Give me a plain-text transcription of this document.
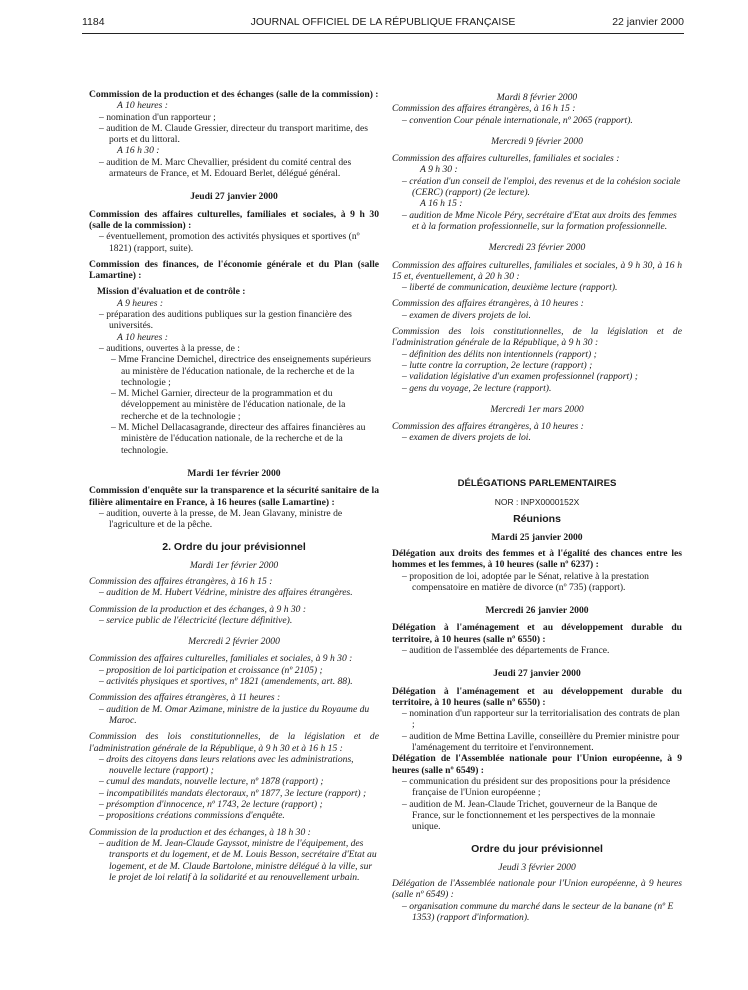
1184	JOURNAL OFFICIEL DE LA RÉPUBLIQUE FRANÇAISE	22 janvier 2000

Commission de la production et des échanges (salle de la commission) :

A 10 heures :

– nomination d'un rapporteur ;

– audition de M. Claude Gressier, directeur du transport maritime, des ports et du littoral.

A 16 h 30 :

– audition de M. Marc Chevallier, président du comité central des armateurs de France, et M. Edouard Berlet, délégué général.

Jeudi 27 janvier 2000

Commission des affaires culturelles, familiales et sociales, à 9 h 30 (salle de la commission) :

– éventuellement, promotion des activités physiques et sportives (nº 1821) (rapport, suite).

Commission des finances, de l'économie générale et du Plan (salle Lamartine) :

Mission d'évaluation et de contrôle :

A 9 heures :

– préparation des auditions publiques sur la gestion financière des universités.

A 10 heures :

– auditions, ouvertes à la presse, de :

– Mme Francine Demichel, directrice des enseignements supérieurs au ministère de l'éducation nationale, de la recherche et de la technologie ;

– M. Michel Garnier, directeur de la programmation et du développement au ministère de l'éducation nationale, de la recherche et de la technologie ;

– M. Michel Dellacasagrande, directeur des affaires financières au ministère de l'éducation nationale, de la recherche et de la technologie.

Mardi 1er février 2000

Commission d'enquête sur la transparence et la sécurité sanitaire de la filière alimentaire en France, à 16 heures (salle Lamartine) :

– audition, ouverte à la presse, de M. Jean Glavany, ministre de l'agriculture et de la pêche.

2. Ordre du jour prévisionnel

Mardi 1er février 2000

Commission des affaires étrangères, à 16 h 15 :

– audition de M. Hubert Védrine, ministre des affaires étrangères.

Commission de la production et des échanges, à 9 h 30 :

– service public de l'électricité (lecture définitive).

Mercredi 2 février 2000

Commission des affaires culturelles, familiales et sociales, à 9 h 30 :

– proposition de loi participation et croissance (nº 2105) ;

– activités physiques et sportives, nº 1821 (amendements, art. 88).

Commission des affaires étrangères, à 11 heures :

– audition de M. Omar Azimane, ministre de la justice du Royaume du Maroc.

Commission des lois constitutionnelles, de la législation et de l'administration générale de la République, à 9 h 30 et à 16 h 15 :

– droits des citoyens dans leurs relations avec les administrations, nouvelle lecture (rapport) ;

– cumul des mandats, nouvelle lecture, nº 1878 (rapport) ;

– incompatibilités mandats électoraux, nº 1877, 3e lecture (rapport) ;

– présomption d'innocence, nº 1743, 2e lecture (rapport) ;

– propositions créations commissions d'enquête.

Commission de la production et des échanges, à 18 h 30 :

– audition de M. Jean-Claude Gayssot, ministre de l'équipement, des transports et du logement, et de M. Louis Besson, secrétaire d'Etat au logement, et de M. Claude Bartolone, ministre délégué à la ville, sur le projet de loi relatif à la solidarité et au renouvellement urbain.

Mardi 8 février 2000

Commission des affaires étrangères, à 16 h 15 :

– convention Cour pénale internationale, nº 2065 (rapport).

Mercredi 9 février 2000

Commission des affaires culturelles, familiales et sociales :

A 9 h 30 :

– création d'un conseil de l'emploi, des revenus et de la cohésion sociale (CERC) (rapport) (2e lecture).

A 16 h 15 :

– audition de Mme Nicole Péry, secrétaire d'Etat aux droits des femmes et à la formation professionnelle, sur la formation professionnelle.

Mercredi 23 février 2000

Commission des affaires culturelles, familiales et sociales, à 9 h 30, à 16 h 15 et, éventuellement, à 20 h 30 :

– liberté de communication, deuxième lecture (rapport).

Commission des affaires étrangères, à 10 heures :

– examen de divers projets de loi.

Commission des lois constitutionnelles, de la législation et de l'administration générale de la République, à 9 h 30 :

– définition des délits non intentionnels (rapport) ;

– lutte contre la corruption, 2e lecture (rapport) ;

– validation législative d'un examen professionnel (rapport) ;

– gens du voyage, 2e lecture (rapport).

Mercredi 1er mars 2000

Commission des affaires étrangères, à 10 heures :

– examen de divers projets de loi.

DÉLÉGATIONS PARLEMENTAIRES

NOR : INPX0000152X

Réunions

Mardi 25 janvier 2000

Délégation aux droits des femmes et à l'égalité des chances entre les hommes et les femmes, à 10 heures (salle nº 6237) :

– proposition de loi, adoptée par le Sénat, relative à la prestation compensatoire en matière de divorce (nº 735) (rapport).

Mercredi 26 janvier 2000

Délégation à l'aménagement et au développement durable du territoire, à 10 heures (salle nº 6550) :

– audition de l'assemblée des départements de France.

Jeudi 27 janvier 2000

Délégation à l'aménagement et au développement durable du territoire, à 10 heures (salle nº 6550) :

– nomination d'un rapporteur sur la territorialisation des contrats de plan ;

– audition de Mme Bettina Laville, conseillère du Premier ministre pour l'aménagement du territoire et l'environnement.

Délégation de l'Assemblée nationale pour l'Union européenne, à 9 heures (salle nº 6549) :

– communication du président sur des propositions pour la présidence française de l'Union européenne ;

– audition de M. Jean-Claude Trichet, gouverneur de la Banque de France, sur le fonctionnement et les perspectives de la monnaie unique.

Ordre du jour prévisionnel

Jeudi 3 février 2000

Délégation de l'Assemblée nationale pour l'Union européenne, à 9 heures (salle nº 6549) :

– organisation commune du marché dans le secteur de la banane (nº E 1353) (rapport d'information).
